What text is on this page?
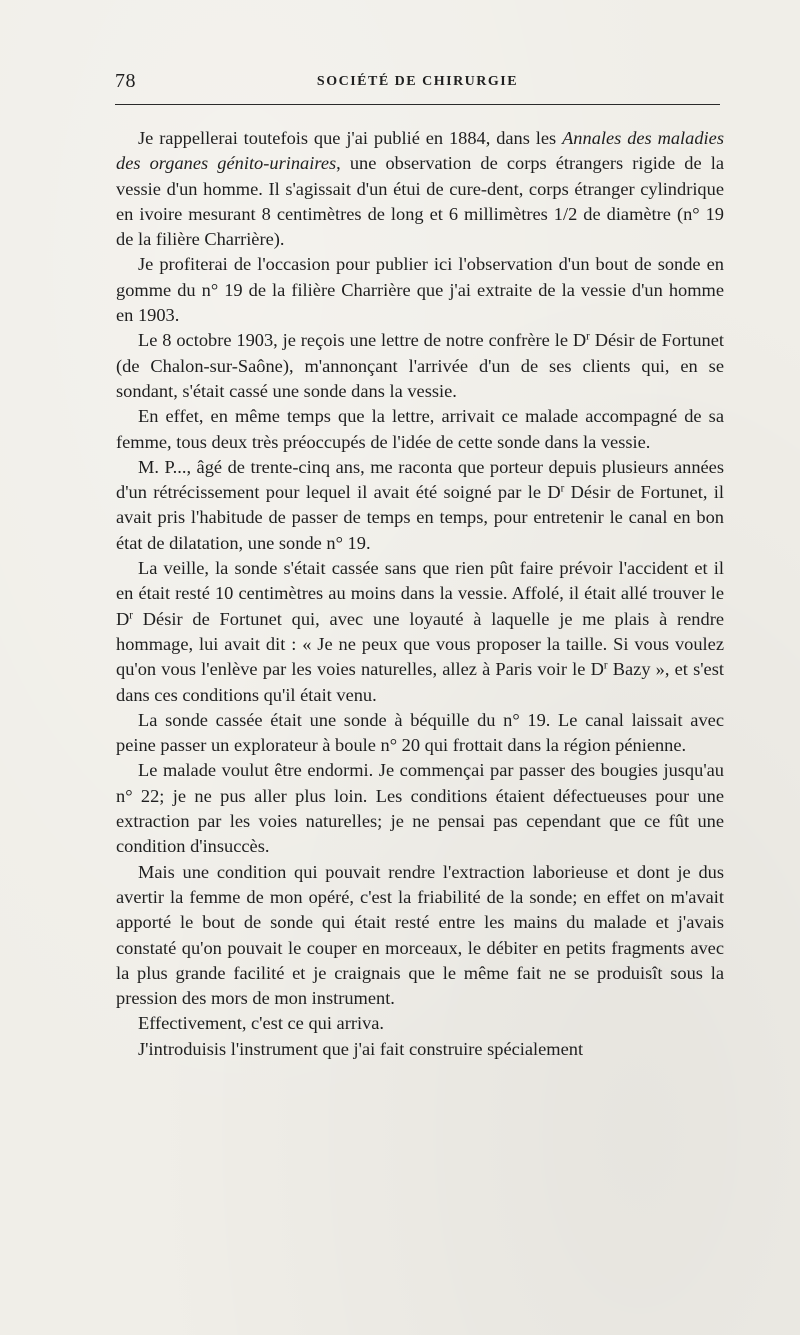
78	SOCIÉTÉ DE CHIRURGIE

Je rappellerai toutefois que j'ai publié en 1884, dans les Annales des maladies des organes génito-urinaires, une observation de corps étrangers rigide de la vessie d'un homme. Il s'agissait d'un étui de cure-dent, corps étranger cylindrique en ivoire mesurant 8 centimètres de long et 6 millimètres 1/2 de diamètre (n° 19 de la filière Charrière).

Je profiterai de l'occasion pour publier ici l'observation d'un bout de sonde en gomme du n° 19 de la filière Charrière que j'ai extraite de la vessie d'un homme en 1903.

Le 8 octobre 1903, je reçois une lettre de notre confrère le $D^r$ Désir de Fortunet (de Chalon-sur-Saône), m'annonçant l'arrivée d'un de ses clients qui, en se sondant, s'était cassé une sonde dans la vessie.

En effet, en même temps que la lettre, arrivait ce malade accompagné de sa femme, tous deux très préoccupés de l'idée de cette sonde dans la vessie.

M. P..., âgé de trente-cinq ans, me raconta que porteur depuis plusieurs années d'un rétrécissement pour lequel il avait été soigné par le $D^r$ Désir de Fortunet, il avait pris l'habitude de passer de temps en temps, pour entretenir le canal en bon état de dilatation, une sonde n° 19.

La veille, la sonde s'était cassée sans que rien pût faire prévoir l'accident et il en était resté 10 centimètres au moins dans la vessie. Affolé, il était allé trouver le $D^r$ Désir de Fortunet qui, avec une loyauté à laquelle je me plais à rendre hommage, lui avait dit : « Je ne peux que vous proposer la taille. Si vous voulez qu'on vous l'enlève par les voies naturelles, allez à Paris voir le $D^r$ Bazy », et s'est dans ces conditions qu'il était venu.

La sonde cassée était une sonde à béquille du n° 19. Le canal laissait avec peine passer un explorateur à boule n° 20 qui frottait dans la région pénienne.

Le malade voulut être endormi. Je commençai par passer des bougies jusqu'au n° 22; je ne pus aller plus loin. Les conditions étaient défectueuses pour une extraction par les voies naturelles; je ne pensai pas cependant que ce fût une condition d'insuccès.

Mais une condition qui pouvait rendre l'extraction laborieuse et dont je dus avertir la femme de mon opéré, c'est la friabilité de la sonde; en effet on m'avait apporté le bout de sonde qui était resté entre les mains du malade et j'avais constaté qu'on pouvait le couper en morceaux, le débiter en petits fragments avec la plus grande facilité et je craignais que le même fait ne se produisît sous la pression des mors de mon instrument.

Effectivement, c'est ce qui arriva.

J'introduisis l'instrument que j'ai fait construire spécialement
